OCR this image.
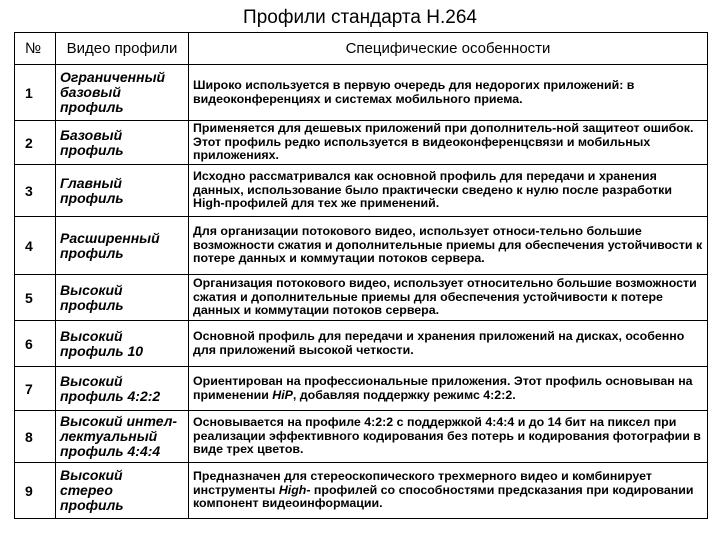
Профили стандарта H.264
№	Видео профили	Специфические особенности
1	Ограниченный
базовый
профиль	Широко используется в первую очередь для недорогих приложений: в видеоконференциях и системах мобильного приема.
2	Базовый
профиль	Применяется для дешевых приложений при дополнитель-ной защитеот ошибок. Этот профиль редко используется в видеоконференцсвязи и мобильных приложениях.
3	Главный
профиль	Исходно рассматривался как основной профиль для передачи и хранения данных, использование было практически сведено к нулю после разработки High-профилей для тех же применений.
4	Расширенный
профиль	Для организации потокового видео, использует относи-тельно большие возможности сжатия и дополнительные приемы для обеспечения устойчивости к потере данных и коммутации потоков сервера.
5	Высокий
профиль	Организация потокового видео, использует относительно большие возможности сжатия и дополнительные приемы для обеспечения устойчивости к потере данных и коммутации потоков сервера.
6	Высокий
профиль 10	Основной профиль для передачи и хранения приложений на дисках, особенно для приложений высокой четкости.
7	Высокий
профиль 4:2:2	Ориентирован на профессиональные приложения. Этот профиль основыван на применении HiP, добавляя поддержку режимс 4:2:2.
8	Высокий интел-
лектуальный
профиль 4:4:4	Основывается на профиле 4:2:2 с поддержкой 4:4:4 и до 14 бит на пиксел при реализации эффективного кодирования без потерь и кодирования фотографии в виде трех цветов.
9	Высокий
стерео
профиль	Предназначен для стереоскопического трехмерного видео и комбинирует инструменты High- профилей со способностями предсказания при кодировании компонент видеоинформации.
